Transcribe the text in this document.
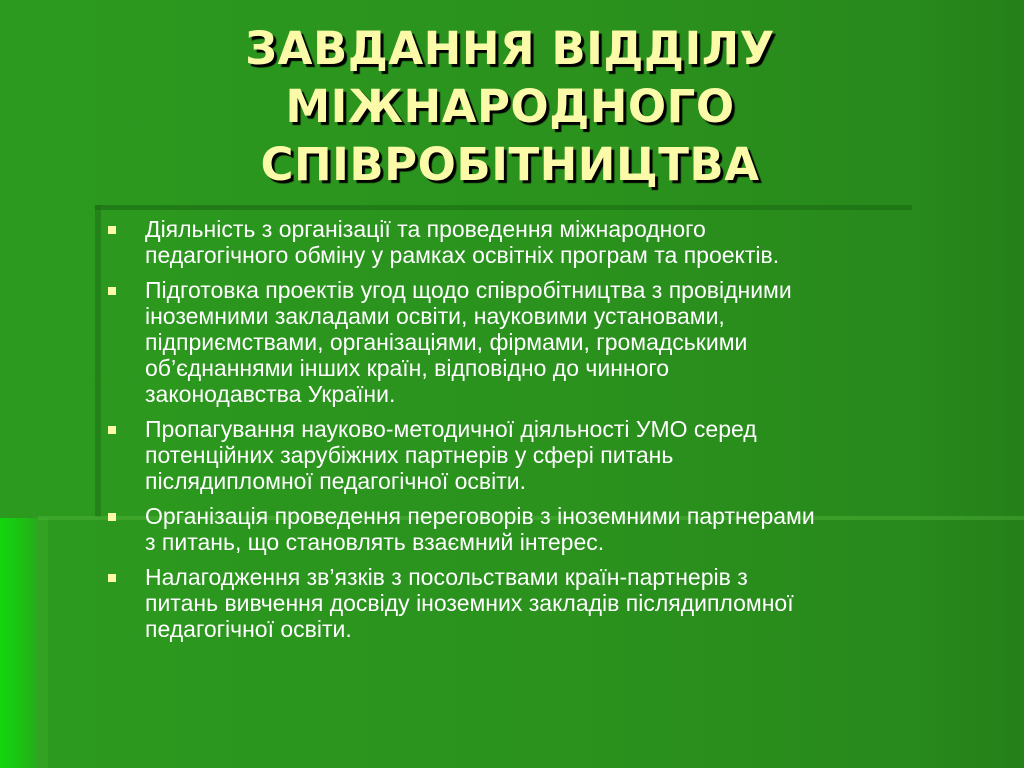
ЗАВДАННЯ ВІДДІЛУ
МІЖНАРОДНОГО
СПІВРОБІТНИЦТВА
Діяльність з організації та проведення міжнародного
педагогічного обміну у рамках освітніх програм та проектів.
Підготовка проектів угод щодо співробітництва з провідними
іноземними закладами освіти, науковими установами,
підприємствами, організаціями, фірмами, громадськими
об’єднаннями інших країн, відповідно до чинного
законодавства України.
Пропагування науково-методичної діяльності УМО серед
потенційних зарубіжних партнерів у сфері питань
післядипломної педагогічної освіти.
Організація проведення переговорів з іноземними партнерами
з питань, що становлять взаємний інтерес.
Налагодження зв’язків з посольствами країн-партнерів з
питань вивчення досвіду іноземних закладів післядипломної
педагогічної освіти.
